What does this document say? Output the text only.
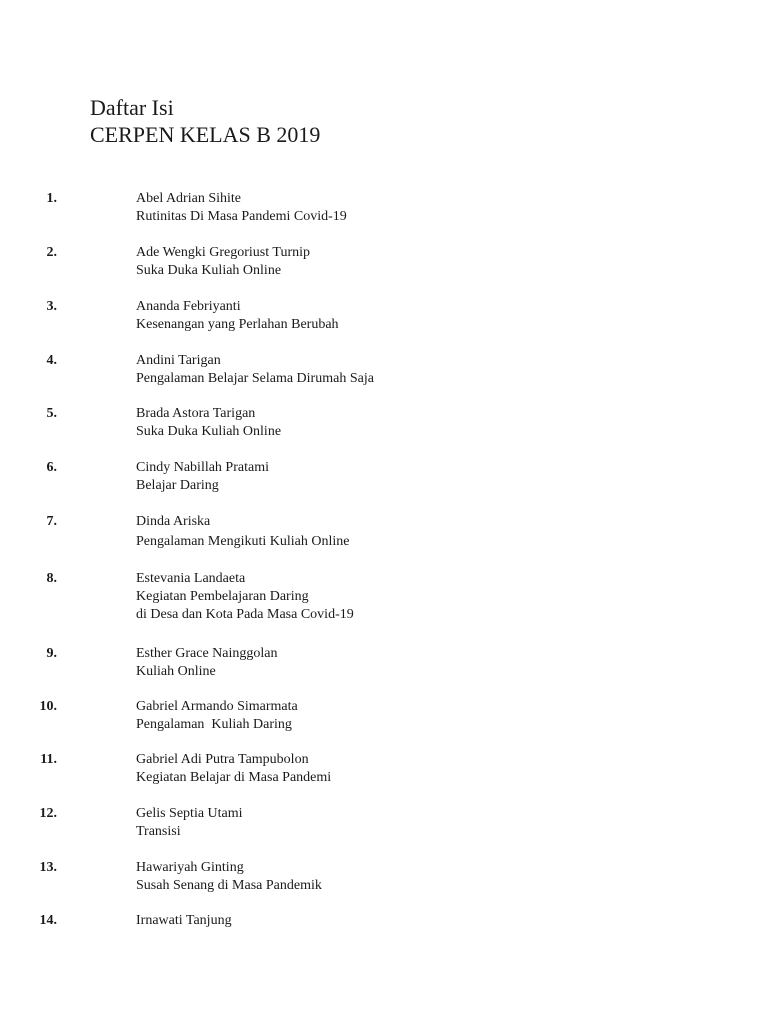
Daftar Isi
CERPEN KELAS B 2019
1.	Abel Adrian Sihite
Rutinitas Di Masa Pandemi Covid-19
2.	Ade Wengki Gregoriust Turnip
Suka Duka Kuliah Online
3.	Ananda Febriyanti
Kesenangan yang Perlahan Berubah
4.	Andini Tarigan
Pengalaman Belajar Selama Dirumah Saja
5.	Brada Astora Tarigan
Suka Duka Kuliah Online
6.	Cindy Nabillah Pratami
Belajar Daring
7.	Dinda Ariska
Pengalaman Mengikuti Kuliah Online
8.	Estevania Landaeta
Kegiatan Pembelajaran Daring
di Desa dan Kota Pada Masa Covid-19
9.	Esther Grace Nainggolan
Kuliah Online
10.	Gabriel Armando Simarmata
Pengalaman  Kuliah Daring
11.	Gabriel Adi Putra Tampubolon
Kegiatan Belajar di Masa Pandemi
12.	Gelis Septia Utami
Transisi
13.	Hawariyah Ginting
Susah Senang di Masa Pandemik
14.	Irnawati Tanjung
